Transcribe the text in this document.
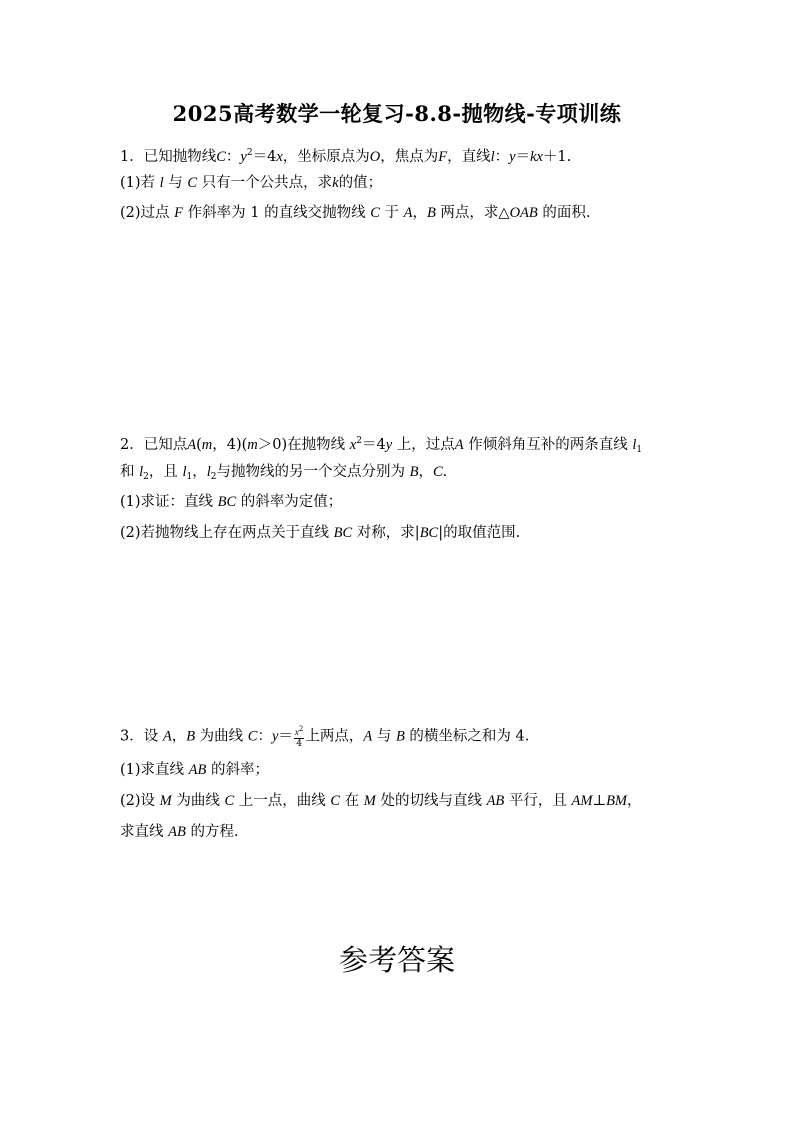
2025高考数学一轮复习-8.8-抛物线-专项训练
1．已知抛物线C：$y^2=4x$，坐标原点为O，焦点为F，直线l：y＝kx＋1.
(1)若 l 与 C 只有一个公共点，求k的值；
(2)过点 F 作斜率为 1 的直线交抛物线 C 于 A，B 两点，求△OAB 的面积.
2．已知点A(m，4)(m＞0)在抛物线 $x^2=4y$ 上，过点A 作倾斜角互补的两条直线 $l_1$
和 $l_2$，且 $l_1$，$l_2$与抛物线的另一个交点分别为 B，C.
(1)求证：直线 BC 的斜率为定值；
(2)若抛物线上存在两点关于直线 BC 对称，求|BC|的取值范围.
3．设 A，B 为曲线 C：$y= \frac{x^2}{4}$ 上两点，A 与 B 的横坐标之和为 4.
(1)求直线 AB 的斜率；
(2)设 M 为曲线 C 上一点，曲线 C 在 M 处的切线与直线 AB 平行，且 AM⊥BM，
求直线 AB 的方程.
参考答案
